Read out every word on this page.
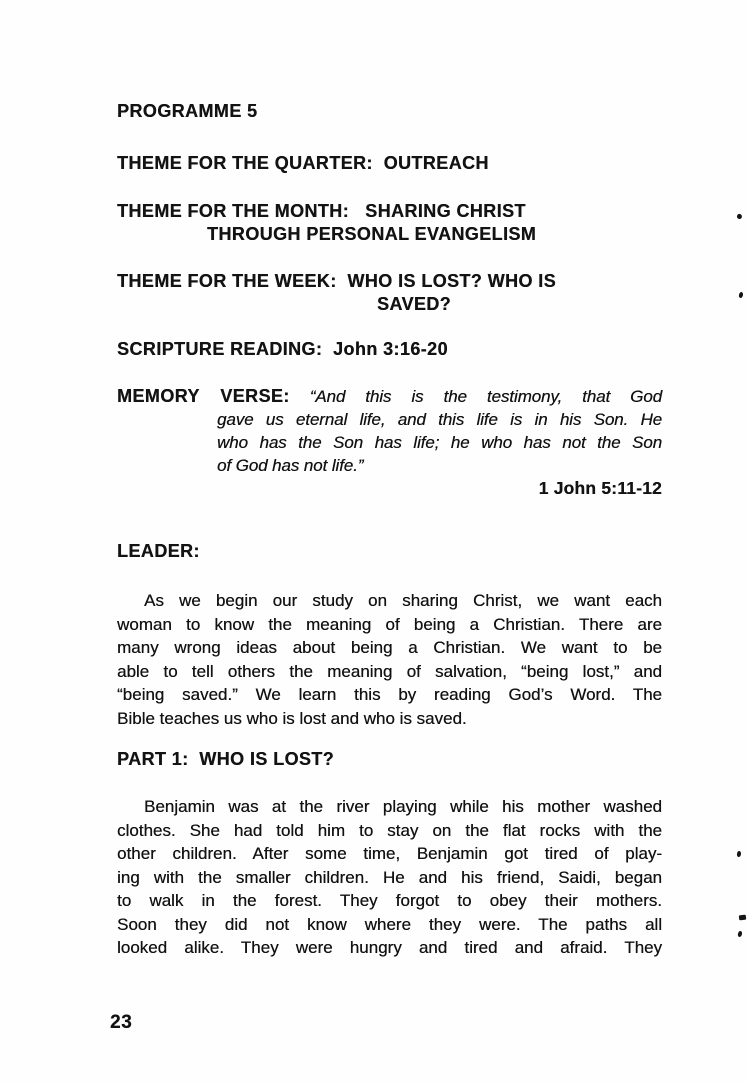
PROGRAMME 5
THEME FOR THE QUARTER:  OUTREACH
THEME FOR THE MONTH:   SHARING CHRIST
THROUGH PERSONAL EVANGELISM
THEME FOR THE WEEK:  WHO IS LOST? WHO IS
SAVED?
SCRIPTURE READING:  John 3:16-20
MEMORY VERSE: “And this is the testimony, that God
gave us eternal life, and this life is in his Son. He
who has the Son has life; he who has not the Son
of God has not life.”
1 John 5:11-12
LEADER:
As we begin our study on sharing Christ, we want each
woman to know the meaning of being a Christian. There are
many wrong ideas about being a Christian. We want to be
able to tell others the meaning of salvation, “being lost,” and
“being saved.” We learn this by reading God’s Word. The
Bible teaches us who is lost and who is saved.
PART 1:  WHO IS LOST?
Benjamin was at the river playing while his mother washed
clothes. She had told him to stay on the flat rocks with the
other children. After some time, Benjamin got tired of play-
ing with the smaller children. He and his friend, Saidi, began
to walk in the forest. They forgot to obey their mothers.
Soon they did not know where they were. The paths all
looked alike. They were hungry and tired and afraid. They
23
